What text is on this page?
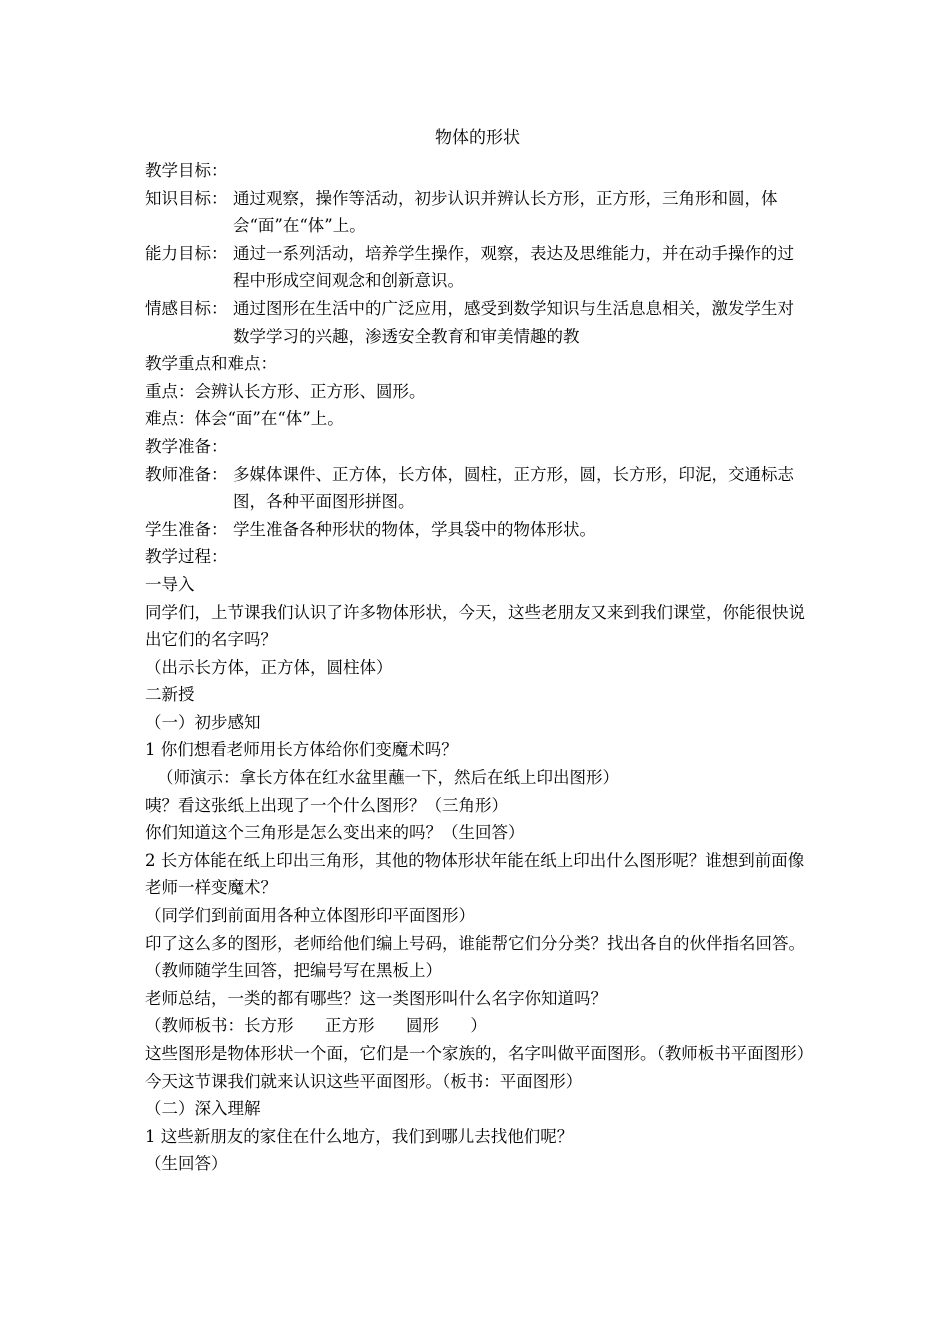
物体的形状
教学目标：
知识目标： 通过观察，操作等活动，初步认识并辨认长方形，正方形，三角形和圆，体会“面”在“体”上。
能力目标： 通过一系列活动，培养学生操作，观察，表达及思维能力，并在动手操作的过程中形成空间观念和创新意识。
情感目标： 通过图形在生活中的广泛应用，感受到数学知识与生活息息相关，激发学生对数学学习的兴趣，渗透安全教育和审美情趣的教
教学重点和难点：
重点：会辨认长方形、正方形、圆形。
难点：体会“面”在“体”上。
教学准备：
教师准备： 多媒体课件、正方体，长方体，圆柱，正方形，圆，长方形，印泥，交通标志图，各种平面图形拼图。
学生准备： 学生准备各种形状的物体，学具袋中的物体形状。
教学过程：
一导入
同学们，上节课我们认识了许多物体形状，今天，这些老朋友又来到我们课堂，你能很快说出它们的名字吗？
（出示长方体，正方体，圆柱体）
二新授
（一）初步感知
1 你们想看老师用长方体给你们变魔术吗？
（师演示：拿长方体在红水盆里蘸一下，然后在纸上印出图形）
咦？看这张纸上出现了一个什么图形？（三角形）
你们知道这个三角形是怎么变出来的吗？（生回答）
2 长方体能在纸上印出三角形，其他的物体形状年能在纸上印出什么图形呢？谁想到前面像老师一样变魔术？
（同学们到前面用各种立体图形印平面图形）
印了这么多的图形，老师给他们编上号码，谁能帮它们分分类？找出各自的伙伴指名回答。（教师随学生回答，把编号写在黑板上）
老师总结，一类的都有哪些？这一类图形叫什么名字你知道吗？
（教师板书：长方形      正方形      圆形      ）
这些图形是物体形状一个面，它们是一个家族的，名字叫做平面图形。（教师板书平面图形）
今天这节课我们就来认识这些平面图形。（板书：平面图形）
（二）深入理解
1 这些新朋友的家住在什么地方，我们到哪儿去找他们呢？
（生回答）
